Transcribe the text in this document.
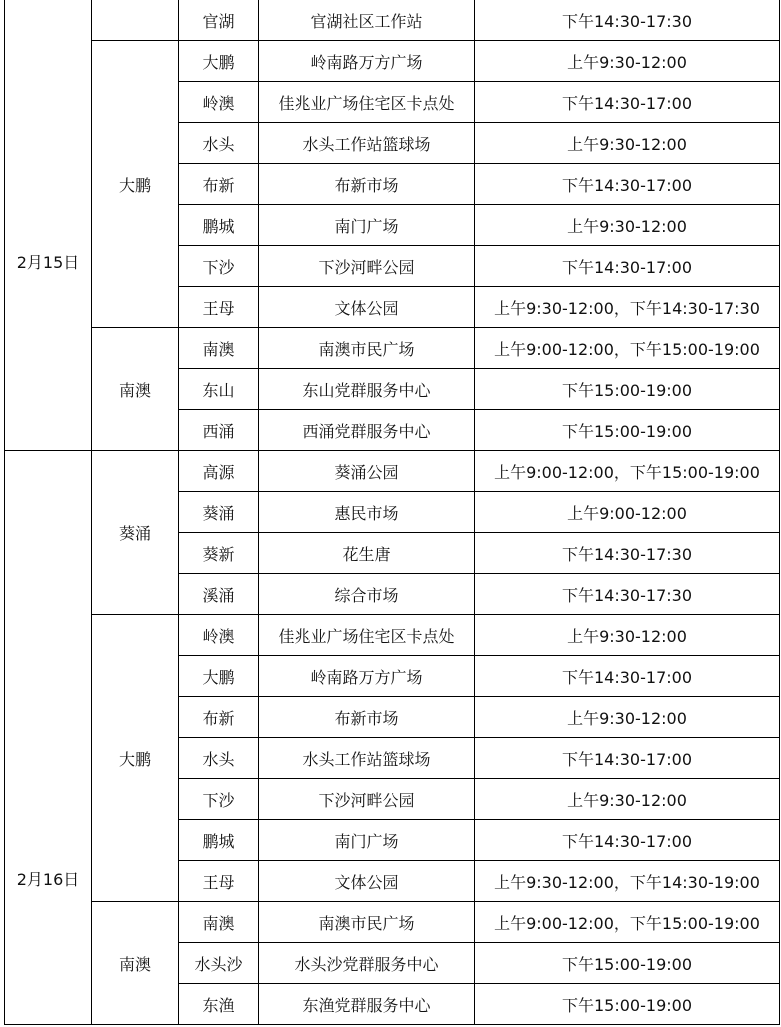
2月15日		官湖	官湖社区工作站	下午14:30-17:30
	大鹏	大鹏	岭南路万方广场	上午9:30-12:00
		岭澳	佳兆业广场住宅区卡点处	下午14:30-17:00
		水头	水头工作站篮球场	上午9:30-12:00
		布新	布新市场	下午14:30-17:00
		鹏城	南门广场	上午9:30-12:00
		下沙	下沙河畔公园	下午14:30-17:00
		王母	文体公园	上午9:30-12:00，下午14:30-17:30
	南澳	南澳	南澳市民广场	上午9:00-12:00，下午15:00-19:00
		东山	东山党群服务中心	下午15:00-19:00
		西涌	西涌党群服务中心	下午15:00-19:00

2月16日	葵涌	高源	葵涌公园	上午9:00-12:00，下午15:00-19:00
		葵涌	惠民市场	上午9:00-12:00
		葵新	花生唐	下午14:30-17:30
		溪涌	综合市场	下午14:30-17:30
	大鹏	岭澳	佳兆业广场住宅区卡点处	上午9:30-12:00
		大鹏	岭南路万方广场	下午14:30-17:00
		布新	布新市场	上午9:30-12:00
		水头	水头工作站篮球场	下午14:30-17:00
		下沙	下沙河畔公园	上午9:30-12:00
		鹏城	南门广场	下午14:30-17:00
		王母	文体公园	上午9:30-12:00，下午14:30-19:00
	南澳	南澳	南澳市民广场	上午9:00-12:00，下午15:00-19:00
		水头沙	水头沙党群服务中心	下午15:00-19:00
		东渔	东渔党群服务中心	下午15:00-19:00
